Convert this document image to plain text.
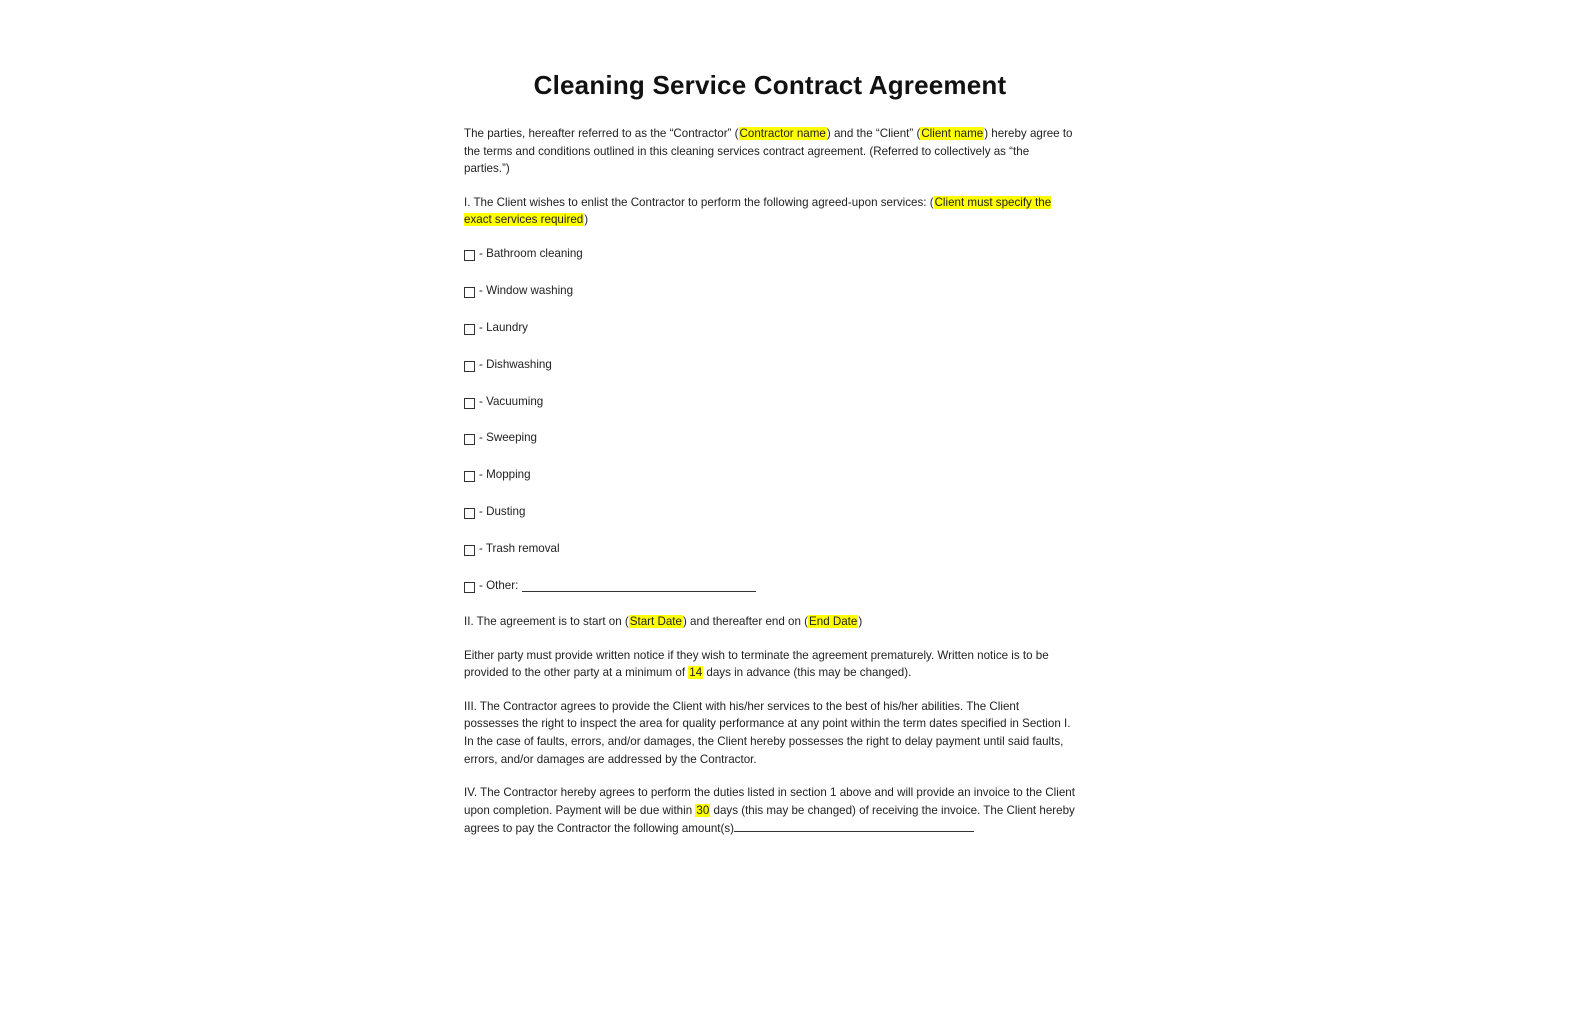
Cleaning Service Contract Agreement

The parties, hereafter referred to as the “Contractor” (Contractor name) and the “Client” (Client name) hereby agree to the terms and conditions outlined in this cleaning services contract agreement. (Referred to collectively as “the parties.”)

I. The Client wishes to enlist the Contractor to perform the following agreed-upon services: (Client must specify the exact services required)

- Bathroom cleaning
- Window washing
- Laundry
- Dishwashing
- Vacuuming
- Sweeping
- Mopping
- Dusting
- Trash removal
- Other:

II. The agreement is to start on (Start Date) and thereafter end on (End Date)

Either party must provide written notice if they wish to terminate the agreement prematurely. Written notice is to be provided to the other party at a minimum of 14 days in advance (this may be changed).

III. The Contractor agrees to provide the Client with his/her services to the best of his/her abilities. The Client possesses the right to inspect the area for quality performance at any point within the term dates specified in Section I. In the case of faults, errors, and/or damages, the Client hereby possesses the right to delay payment until said faults, errors, and/or damages are addressed by the Contractor.

IV. The Contractor hereby agrees to perform the duties listed in section 1 above and will provide an invoice to the Client upon completion. Payment will be due within 30 days (this may be changed) of receiving the invoice. The Client hereby agrees to pay the Contractor the following amount(s)
